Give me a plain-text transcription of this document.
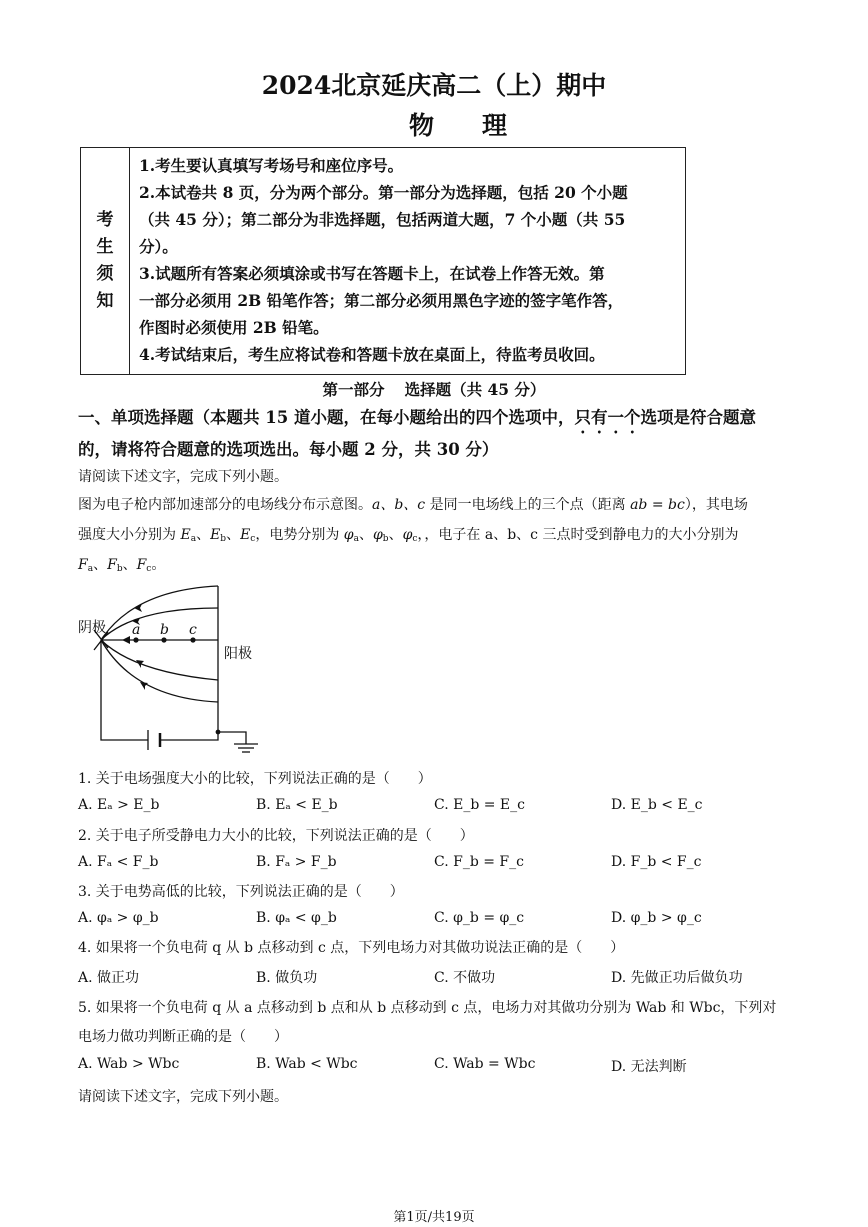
2024北京延庆高二（上）期中
物理
考
生
须
知

1.考生要认真填写考场号和座位序号。

2.本试卷共 8 页，分为两个部分。第一部分为选择题，包括 20 个小题

（共 45 分）；第二部分为非选择题，包括两道大题，7 个小题（共 55

分）。

3.试题所有答案必须填涂或书写在答题卡上，在试卷上作答无效。第

一部分必须用 2B 铅笔作答；第二部分必须用黑色字迹的签字笔作答，

作图时必须使用 2B 铅笔。

4.考试结束后，考生应将试卷和答题卡放在桌面上，待监考员收回。

第一部分 选择题（共 45 分）
一、单项选择题（本题共 15 道小题，在每小题给出的四个选项中，只有一个选项是符合题意
的，请将符合题意的选项选出。每小题 2 分，共 30 分）
请阅读下述文字，完成下列小题。
图为电子枪内部加速部分的电场线分布示意图。a、b、c 是同一电场线上的三个点（距离 ab = bc），其电场
强度大小分别为 Ea、Eb、Ec，电势分别为 φa、φb、φc，，电子在 a、b、c 三点时受到静电力的大小分别为
Fa、Fb、Fc。
阴极
阳极
a b c
1. 关于电场强度大小的比较，下列说法正确的是（　　）
A. Eₐ > E_b	B. Eₐ < E_b	C. E_b = E_c	D. E_b < E_c
2. 关于电子所受静电力大小的比较，下列说法正确的是（　　）
A. Fₐ < F_b	B. Fₐ > F_b	C. F_b = F_c	D. F_b < F_c
3. 关于电势高低的比较，下列说法正确的是（　　）
A. φₐ > φ_b	B. φₐ < φ_b	C. φ_b = φ_c	D. φ_b > φ_c
4. 如果将一个负电荷 q 从 b 点移动到 c 点，下列电场力对其做功说法正确的是（　　）
A. 做正功	B. 做负功	C. 不做功	D. 先做正功后做负功
5. 如果将一个负电荷 q 从 a 点移动到 b 点和从 b 点移动到 c 点，电场力对其做功分别为 Wab 和 Wbc，下列对
电场力做功判断正确的是（　　）
A. Wab > Wbc	B. Wab < Wbc	C. Wab = Wbc	D. 无法判断
请阅读下述文字，完成下列小题。
第1页/共19页
